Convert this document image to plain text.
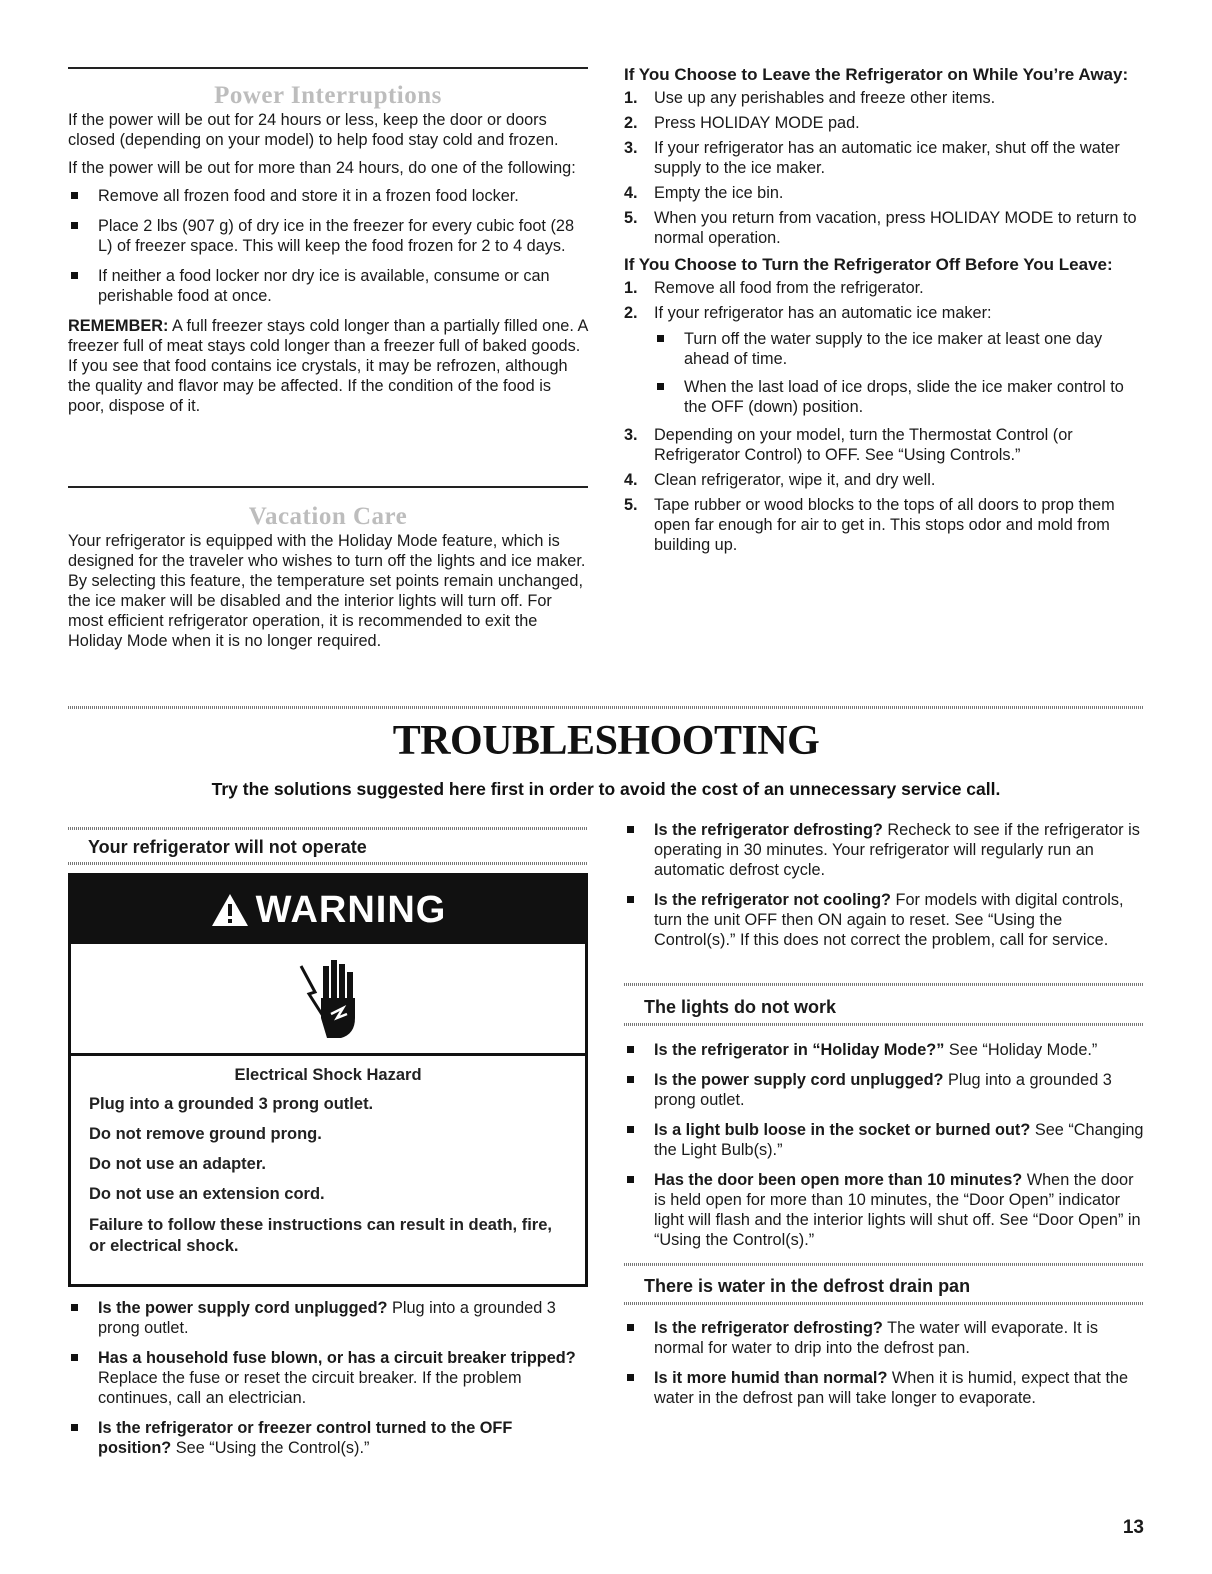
Power Interruptions

If the power will be out for 24 hours or less, keep the door or doors closed (depending on your model) to help food stay cold and frozen.

If the power will be out for more than 24 hours, do one of the following:

Remove all frozen food and store it in a frozen food locker.
Place 2 lbs (907 g) of dry ice in the freezer for every cubic foot (28 L) of freezer space. This will keep the food frozen for 2 to 4 days.
If neither a food locker nor dry ice is available, consume or can perishable food at once.

REMEMBER: A full freezer stays cold longer than a partially filled one. A freezer full of meat stays cold longer than a freezer full of baked goods. If you see that food contains ice crystals, it may be refrozen, although the quality and flavor may be affected. If the condition of the food is poor, dispose of it.

Vacation Care

Your refrigerator is equipped with the Holiday Mode feature, which is designed for the traveler who wishes to turn off the lights and ice maker. By selecting this feature, the temperature set points remain unchanged, the ice maker will be disabled and the interior lights will turn off. For most efficient refrigerator operation, it is recommended to exit the Holiday Mode when it is no longer required.

If You Choose to Leave the Refrigerator on While You’re Away:

1. Use up any perishables and freeze other items.
2. Press HOLIDAY MODE pad.
3. If your refrigerator has an automatic ice maker, shut off the water supply to the ice maker.
4. Empty the ice bin.
5. When you return from vacation, press HOLIDAY MODE to return to normal operation.

If You Choose to Turn the Refrigerator Off Before You Leave:

1. Remove all food from the refrigerator.
2. If your refrigerator has an automatic ice maker:
Turn off the water supply to the ice maker at least one day ahead of time.
When the last load of ice drops, slide the ice maker control to the OFF (down) position.
3. Depending on your model, turn the Thermostat Control (or Refrigerator Control) to OFF. See “Using Controls.”
4. Clean refrigerator, wipe it, and dry well.
5. Tape rubber or wood blocks to the tops of all doors to prop them open far enough for air to get in. This stops odor and mold from building up.
TROUBLESHOOTING

Try the solutions suggested here first in order to avoid the cost of an unnecessary service call.

Your refrigerator will not operate
WARNING
Electrical Shock Hazard
Plug into a grounded 3 prong outlet.
Do not remove ground prong.
Do not use an adapter.
Do not use an extension cord.
Failure to follow these instructions can result in death, fire, or electrical shock.
Is the power supply cord unplugged? Plug into a grounded 3 prong outlet.
Has a household fuse blown, or has a circuit breaker tripped? Replace the fuse or reset the circuit breaker. If the problem continues, call an electrician.
Is the refrigerator or freezer control turned to the OFF position? See “Using the Control(s).”
Is the refrigerator defrosting? Recheck to see if the refrigerator is operating in 30 minutes. Your refrigerator will regularly run an automatic defrost cycle.
Is the refrigerator not cooling? For models with digital controls, turn the unit OFF then ON again to reset. See “Using the Control(s).” If this does not correct the problem, call for service.
The lights do not work
Is the refrigerator in “Holiday Mode?” See “Holiday Mode.”
Is the power supply cord unplugged? Plug into a grounded 3 prong outlet.
Is a light bulb loose in the socket or burned out? See “Changing the Light Bulb(s).”
Has the door been open more than 10 minutes? When the door is held open for more than 10 minutes, the “Door Open” indicator light will flash and the interior lights will shut off. See “Door Open” in “Using the Control(s).”
There is water in the defrost drain pan
Is the refrigerator defrosting? The water will evaporate. It is normal for water to drip into the defrost pan.
Is it more humid than normal? When it is humid, expect that the water in the defrost pan will take longer to evaporate.
13
